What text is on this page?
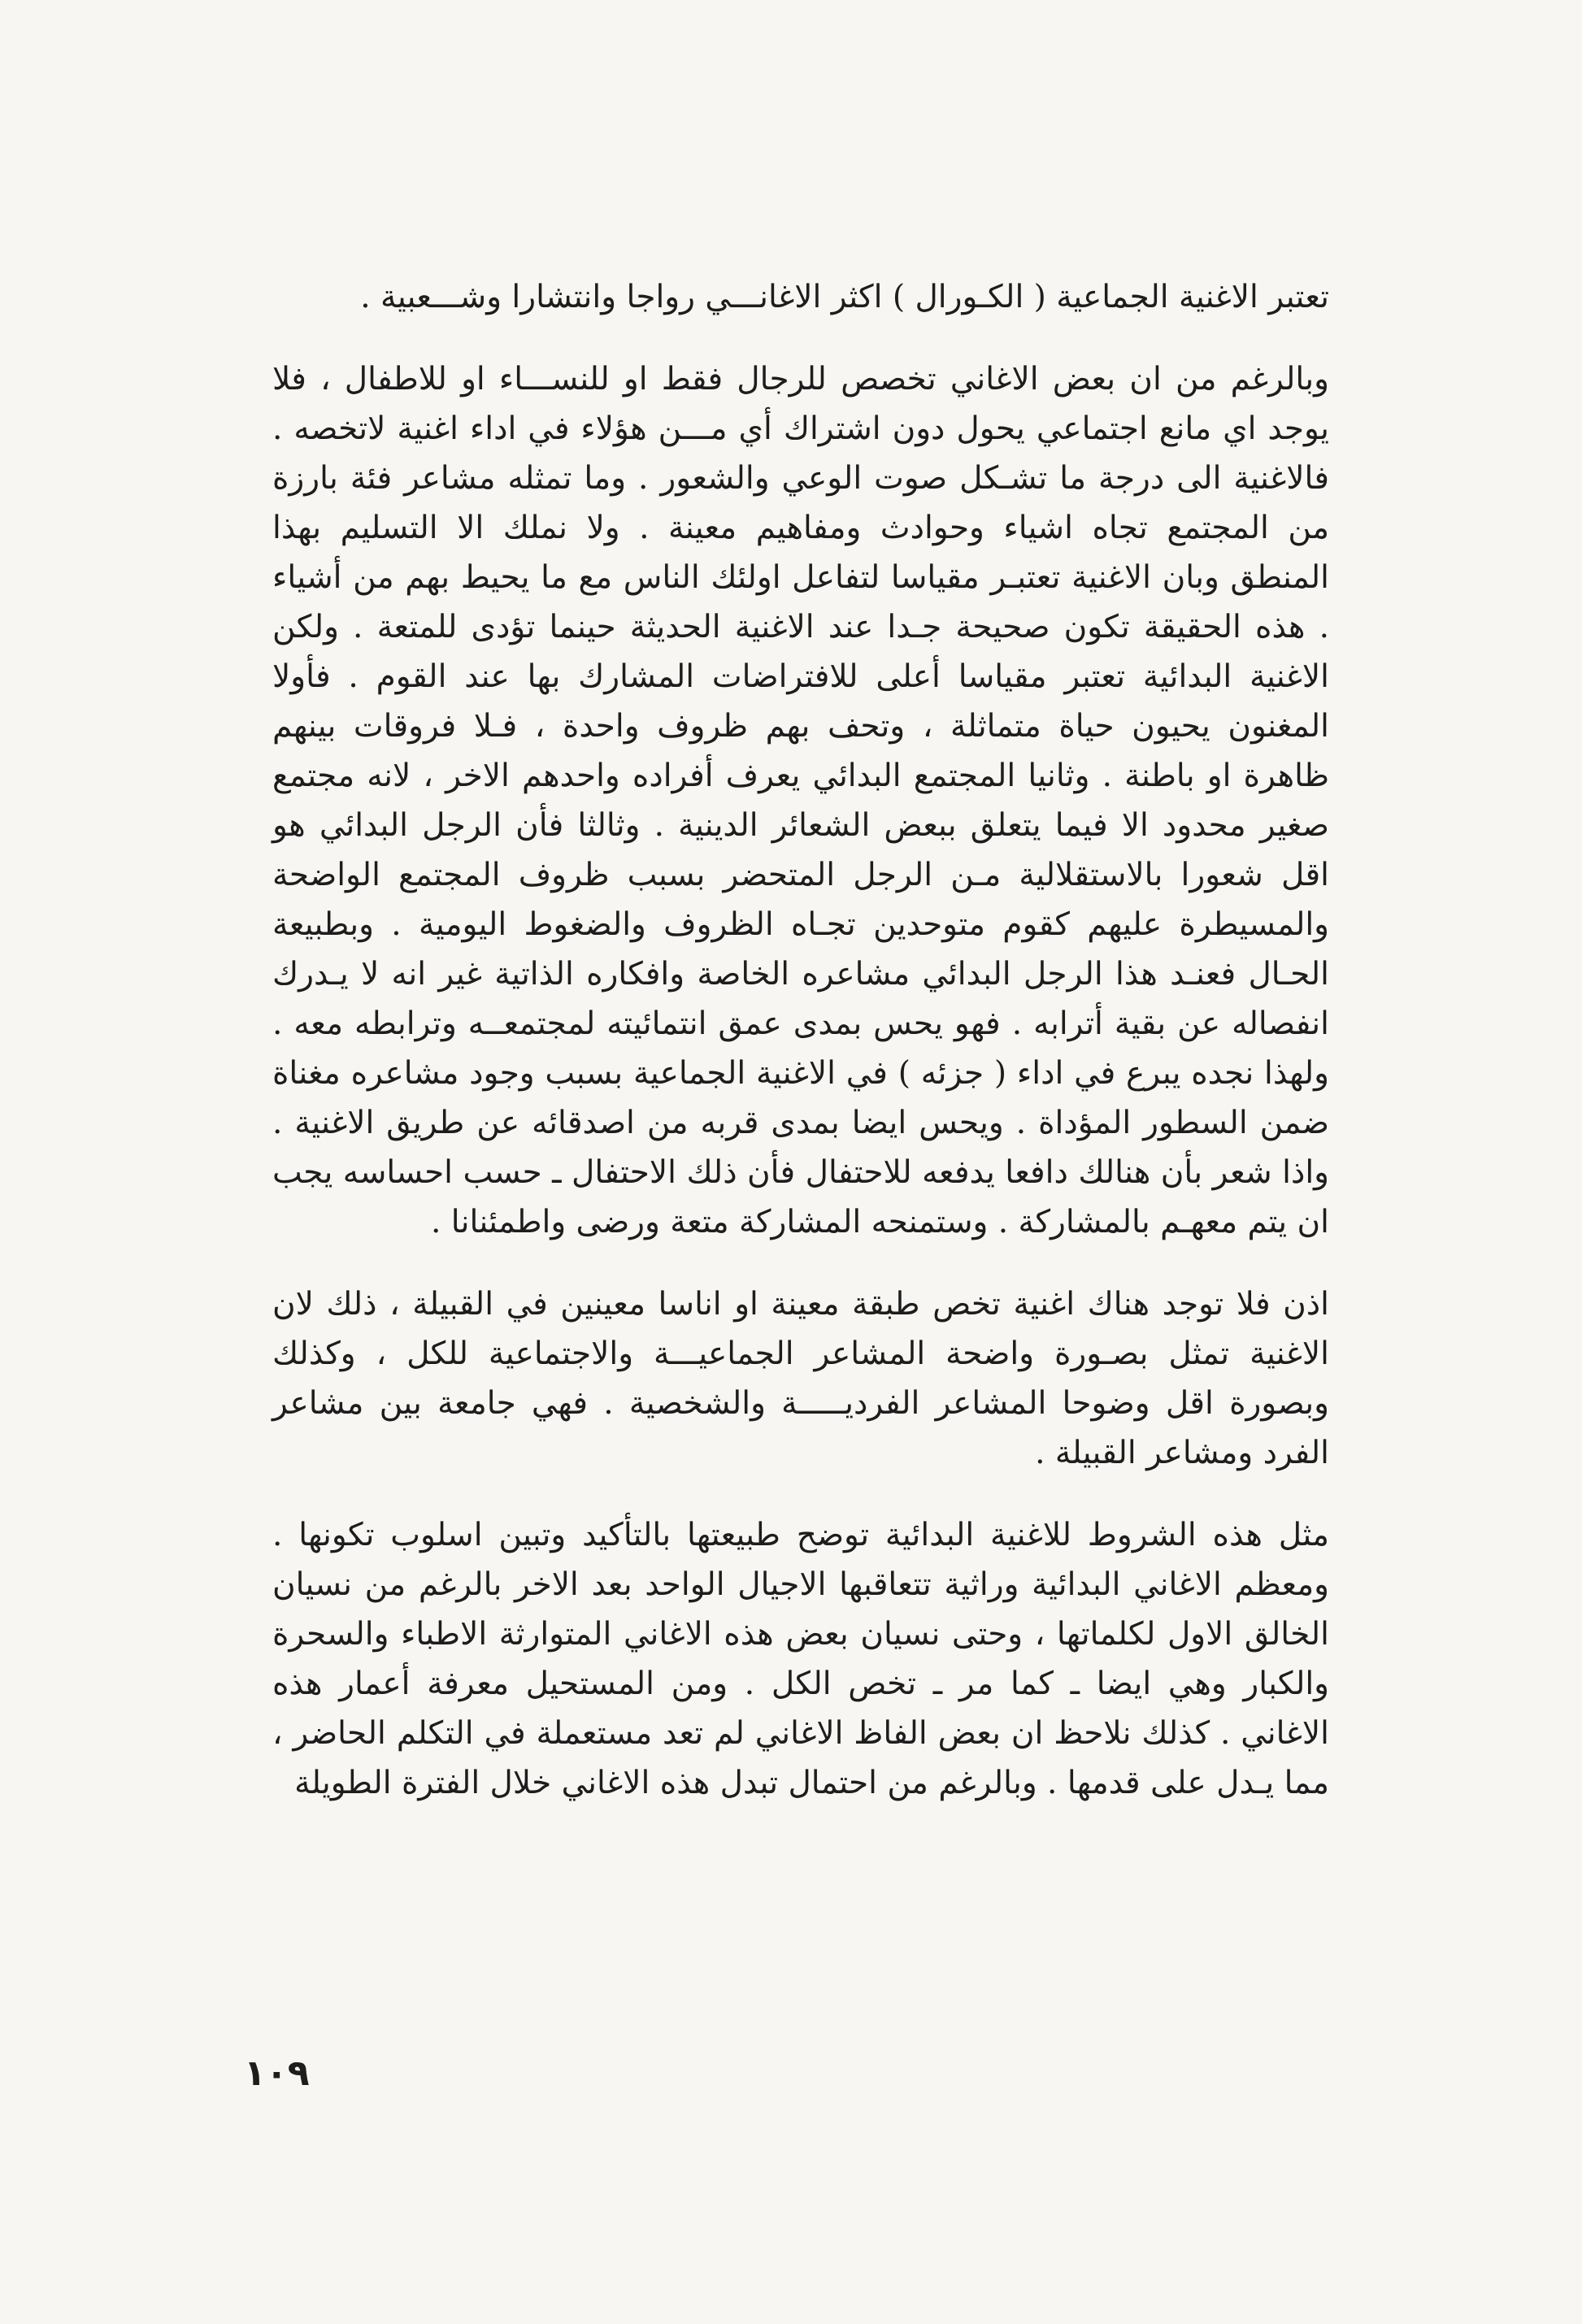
تعتبر الاغنية الجماعية ( الكـورال ) اكثر الاغانـــي رواجا وانتشارا وشـــعبية .

وبالرغم من ان بعض الاغاني تخصص للرجال فقط او للنســـاء او للاطفال ، فلا يوجد اي مانع اجتماعي يحول دون اشتراك أي مـــن هؤلاء في اداء اغنية لاتخصه . فالاغنية الى درجة ما تشـكل صوت الوعي والشعور . وما تمثله مشاعر فئة بارزة من المجتمع تجاه اشياء وحوادث ومفاهيم معينة . ولا نملك الا التسليم بهذا المنطق وبان الاغنية تعتبـر مقياسا لتفاعل اولئك الناس مع ما يحيط بهم من أشياء . هذه الحقيقة تكون صحيحة جـدا عند الاغنية الحديثة حينما تؤدى للمتعة . ولكن الاغنية البدائية تعتبر مقياسا أعلى للافتراضات المشارك بها عند القوم . فأولا المغنون يحيون حياة متماثلة ، وتحف بهم ظروف واحدة ، فـلا فروقات بينهم ظاهرة او باطنة . وثانيا المجتمع البدائي يعرف أفراده واحدهم الاخر ، لانه مجتمع صغير محدود الا فيما يتعلق ببعض الشعائر الدينية . وثالثا فأن الرجل البدائي هو اقل شعورا بالاستقلالية مـن الرجل المتحضر بسبب ظروف المجتمع الواضحة والمسيطرة عليهم كقوم متوحدين تجـاه الظروف والضغوط اليومية . وبطبيعة الحـال فعنـد هذا الرجل البدائي مشاعره الخاصة وافكاره الذاتية غير انه لا يـدرك انفصاله عن بقية أترابه . فهو يحس بمدى عمق انتمائيته لمجتمعــه وترابطه معه . ولهذا نجده يبرع في اداء ( جزئه ) في الاغنية الجماعية بسبب وجود مشاعره مغناة ضمن السطور المؤداة . ويحس ايضا بمدى قربه من اصدقائه عن طريق الاغنية . واذا شعر بأن هنالك دافعا يدفعه للاحتفال فأن ذلك الاحتفال ـ حسب احساسه يجب ان يتم معهـم بالمشاركة . وستمنحه المشاركة متعة ورضى واطمئنانا .

اذن فلا توجد هناك اغنية تخص طبقة معينة او اناسا معينين في القبيلة ، ذلك لان الاغنية تمثل بصـورة واضحة المشاعر الجماعيـــة والاجتماعية للكل ، وكذلك وبصورة اقل وضوحا المشاعر الفرديـــــة والشخصية . فهي جامعة بين مشاعر الفرد ومشاعر القبيلة .

مثل هذه الشروط للاغنية البدائية توضح طبيعتها بالتأكيد وتبين اسلوب تكونها . ومعظم الاغاني البدائية وراثية تتعاقبها الاجيال الواحد بعد الاخر بالرغم من نسيان الخالق الاول لكلماتها ، وحتى نسيان بعض هذه الاغاني المتوارثة الاطباء والسحرة والكبار وهي ايضا ـ كما مر ـ تخص الكل . ومن المستحيل معرفة أعمار هذه الاغاني . كذلك نلاحظ ان بعض الفاظ الاغاني لم تعد مستعملة في التكلم الحاضر ، مما يـدل على قدمها . وبالرغم من احتمال تبدل هذه الاغاني خلال الفترة الطويلة

١٠٩
